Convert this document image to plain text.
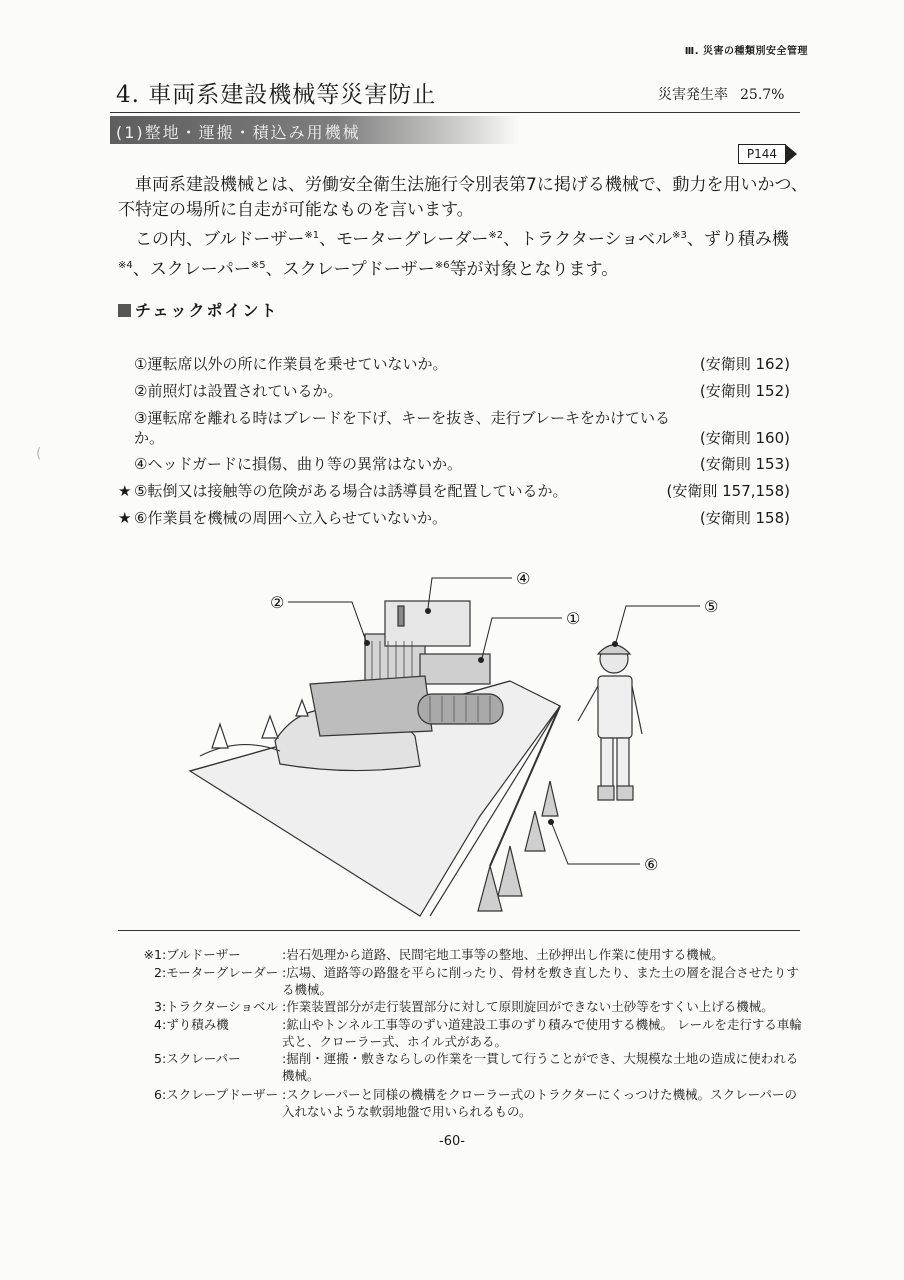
Ⅲ. 災害の種類別安全管理
4. 車両系建設機械等災害防止	災害発生率 25.7%
(1)整地・運搬・積込み用機械
P144

車両系建設機械とは、労働安全衛生法施行令別表第7に掲げる機械で、動力を用いかつ、不特定の場所に自走が可能なものを言います。

この内、ブルドーザー$^{※1}$、モーターグレーダー$^{※2}$、トラクターショベル$^{※3}$、ずり積み機$^{※4}$、スクレーパー$^{※5}$、スクレープドーザー$^{※6}$等が対象となります。

チェックポイント
①運転席以外の所に作業員を乗せていないか。	(安衛則 162)
②前照灯は設置されているか。	(安衛則 152)
③運転席を離れる時はブレードを下げ、キーを抜き、走行ブレーキをかけているか。	(安衛則 160)
④ヘッドガードに損傷、曲り等の異常はないか。	(安衛則 153)
★ ⑤転倒又は接触等の危険がある場合は誘導員を配置しているか。	(安衛則 157,158)
★ ⑥作業員を機械の周囲へ立入らせていないか。	(安衛則 158)
(
②
④
①
⑤
⑥
※1:ブルドーザー	:岩石処理から道路、民間宅地工事等の整地、土砂押出し作業に使用する機械。
2:モーターグレーダー :広場、道路等の路盤を平らに削ったり、骨材を敷き直したり、また土の層を混合させたりする機械。
3:トラクターショベル :作業装置部分が走行装置部分に対して原則旋回ができない土砂等をすくい上げる機械。
4:ずり積み機	:鉱山やトンネル工事等のずい道建設工事のずり積みで使用する機械。 レールを走行する車輪式と、クローラー式、ホイル式がある。
5:スクレーパー	:掘削・運搬・敷きならしの作業を一貫して行うことができ、大規模な土地の造成に使われる機械。
6:スクレープドーザー :スクレーパーと同様の機構をクローラー式のトラクターにくっつけた機械。スクレーパーの入れないような軟弱地盤で用いられるもの。
-60-
